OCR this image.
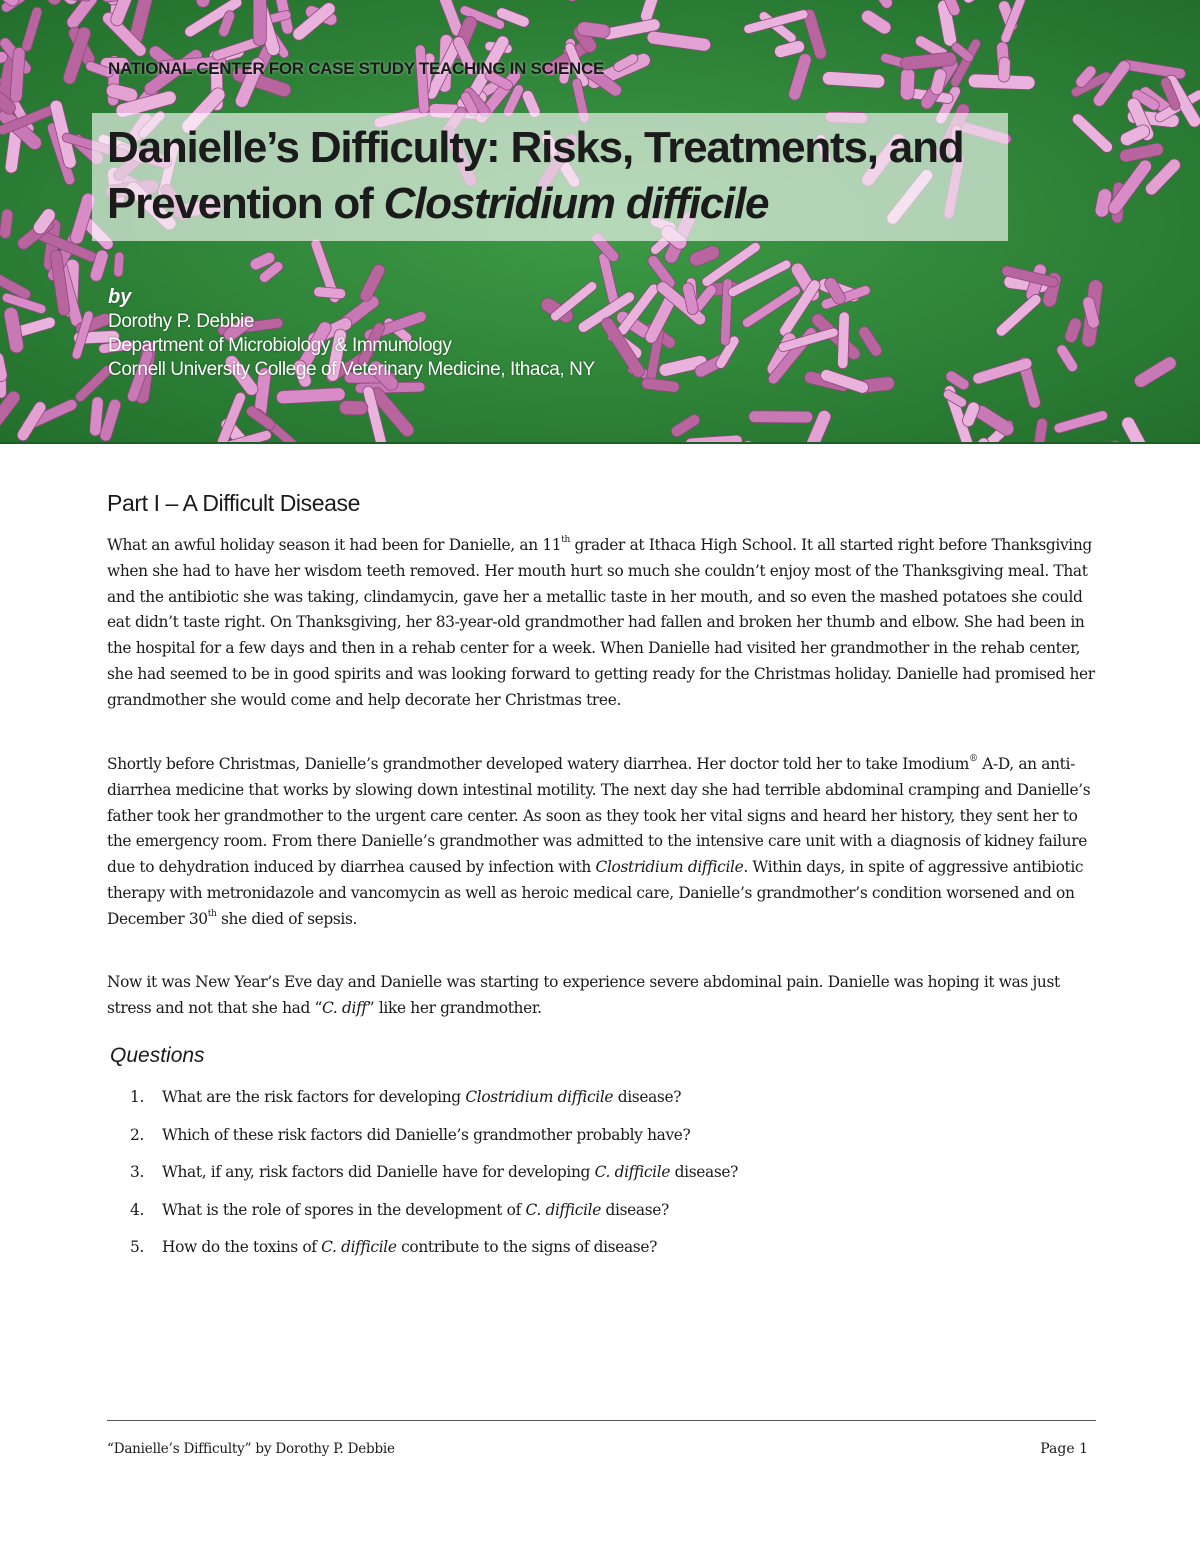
NATIONAL CENTER FOR CASE STUDY TEACHING IN SCIENCE
Danielle’s Difficulty: Risks, Treatments, and
Prevention of Clostridium difficile
by
Dorothy P. Debbie
Department of Microbiology & Immunology
Cornell University College of Veterinary Medicine, Ithaca, NY
Part I – A Difficult Disease

What an awful holiday season it had been for Danielle, an 11th grader at Ithaca High School. It all started right before Thanksgiving when she had to have her wisdom teeth removed. Her mouth hurt so much she couldn’t enjoy most of the Thanksgiving meal. That and the antibiotic she was taking, clindamycin, gave her a metallic taste in her mouth, and so even the mashed potatoes she could eat didn’t taste right. On Thanksgiving, her 83-year-old grandmother had fallen and broken her thumb and elbow. She had been in the hospital for a few days and then in a rehab center for a week. When Danielle had visited her grandmother in the rehab center, she had seemed to be in good spirits and was looking forward to getting ready for the Christmas holiday. Danielle had promised her grandmother she would come and help decorate her Christmas tree.

Shortly before Christmas, Danielle’s grandmother developed watery diarrhea. Her doctor told her to take Imodium® A-D, an anti-diarrhea medicine that works by slowing down intestinal motility. The next day she had terrible abdominal cramping and Danielle’s father took her grandmother to the urgent care center. As soon as they took her vital signs and heard her history, they sent her to the emergency room. From there Danielle’s grandmother was admitted to the intensive care unit with a diagnosis of kidney failure due to dehydration induced by diarrhea caused by infection with Clostridium difficile. Within days, in spite of aggressive antibiotic therapy with metronidazole and vancomycin as well as heroic medical care, Danielle’s grandmother’s condition worsened and on December 30th she died of sepsis.

Now it was New Year’s Eve day and Danielle was starting to experience severe abdominal pain. Danielle was hoping it was just stress and not that she had “C. diff” like her grandmother.

Questions
1.	What are the risk factors for developing Clostridium difficile disease?
2.	Which of these risk factors did Danielle’s grandmother probably have?
3.	What, if any, risk factors did Danielle have for developing C. difficile disease?
4.	What is the role of spores in the development of C. difficile disease?
5.	How do the toxins of C. difficile contribute to the signs of disease?
“Danielle’s Difficulty” by Dorothy P. Debbie	Page 1
